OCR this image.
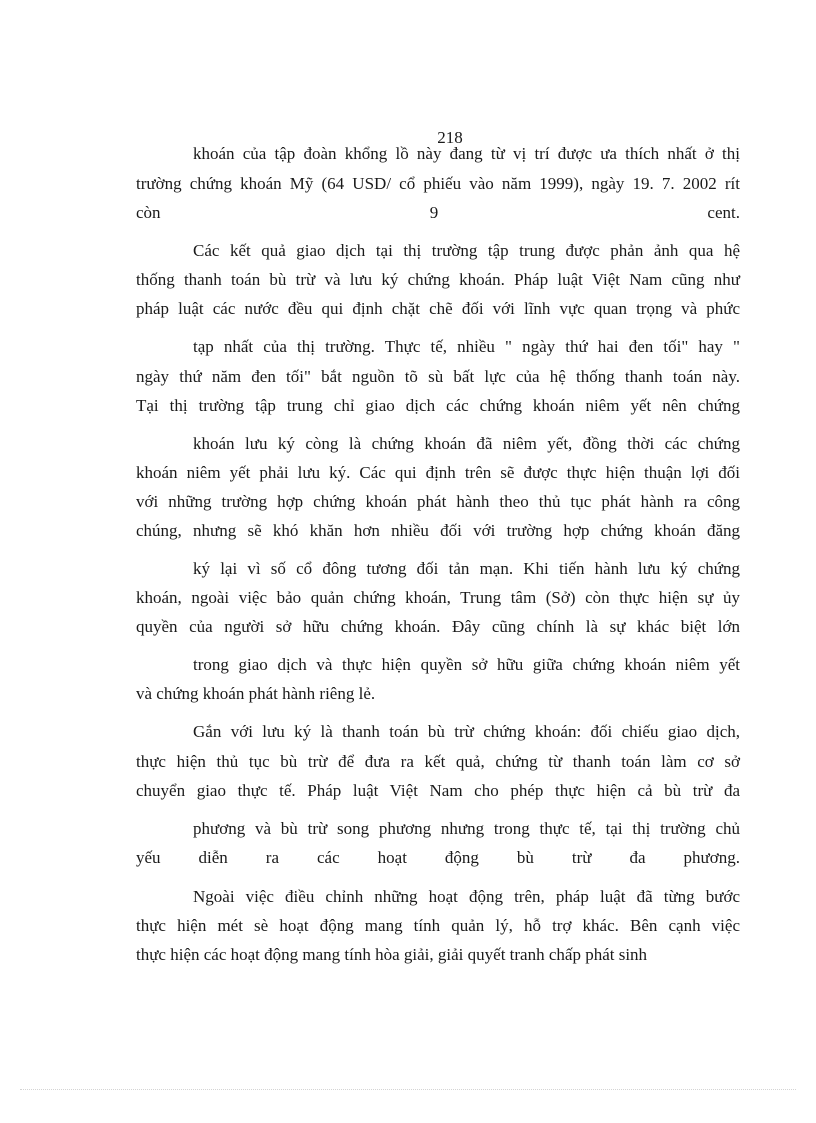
218
khoán của tập đoàn khổng lồ này đang từ vị trí được ưa thích nhất ở thị
trường chứng khoán Mỹ (64 USD/ cổ phiếu vào năm 1999), ngày 19. 7. 2002 rít
còn 9 cent.
Các kết quả giao dịch tại thị trường tập trung được phản ảnh qua hệ
thống thanh toán bù trừ và lưu ký chứng khoán. Pháp luật Việt Nam cũng như
pháp luật các nước đều qui định chặt chẽ đối với lĩnh vực quan trọng và phức
tạp nhất của thị trường. Thực tế, nhiều " ngày thứ hai đen tối" hay "
ngày thứ năm đen tối" bắt nguồn tõ sù bất lực của hệ thống thanh toán này.
Tại thị trường tập trung chỉ giao dịch các chứng khoán niêm yết nên chứng
khoán lưu ký còng là chứng khoán đã niêm yết, đồng thời các chứng
khoán niêm yết phải lưu ký. Các qui định trên sẽ được thực hiện thuận lợi đối
với những trường hợp chứng khoán phát hành theo thủ tục phát hành ra công
chúng, nhưng sẽ khó khăn hơn nhiều đối với trường hợp chứng khoán đăng
ký lại vì số cổ đông tương đối tản mạn. Khi tiến hành lưu ký chứng
khoán, ngoài việc bảo quản chứng khoán, Trung tâm (Sở) còn thực hiện sự ủy
quyền của người sở hữu chứng khoán. Đây cũng chính là sự khác biệt lớn
trong giao dịch và thực hiện quyền sở hữu giữa chứng khoán niêm yết
và chứng khoán phát hành riêng lẻ.
Gắn với lưu ký là thanh toán bù trừ chứng khoán: đối chiếu giao dịch,
thực hiện thủ tục bù trừ để đưa ra kết quả, chứng từ thanh toán làm cơ sở
chuyển giao thực tế. Pháp luật Việt Nam cho phép thực hiện cả bù trừ đa
phương và bù trừ song phương nhưng trong thực tế, tại thị trường chủ
yếu diễn ra các hoạt động bù trừ đa phương.
Ngoài việc điều chỉnh những hoạt động trên, pháp luật đã từng bước
thực hiện mét sè hoạt động mang tính quản lý, hỗ trợ khác. Bên cạnh việc
thực hiện các hoạt động mang tính hòa giải, giải quyết tranh chấp phát sinh
